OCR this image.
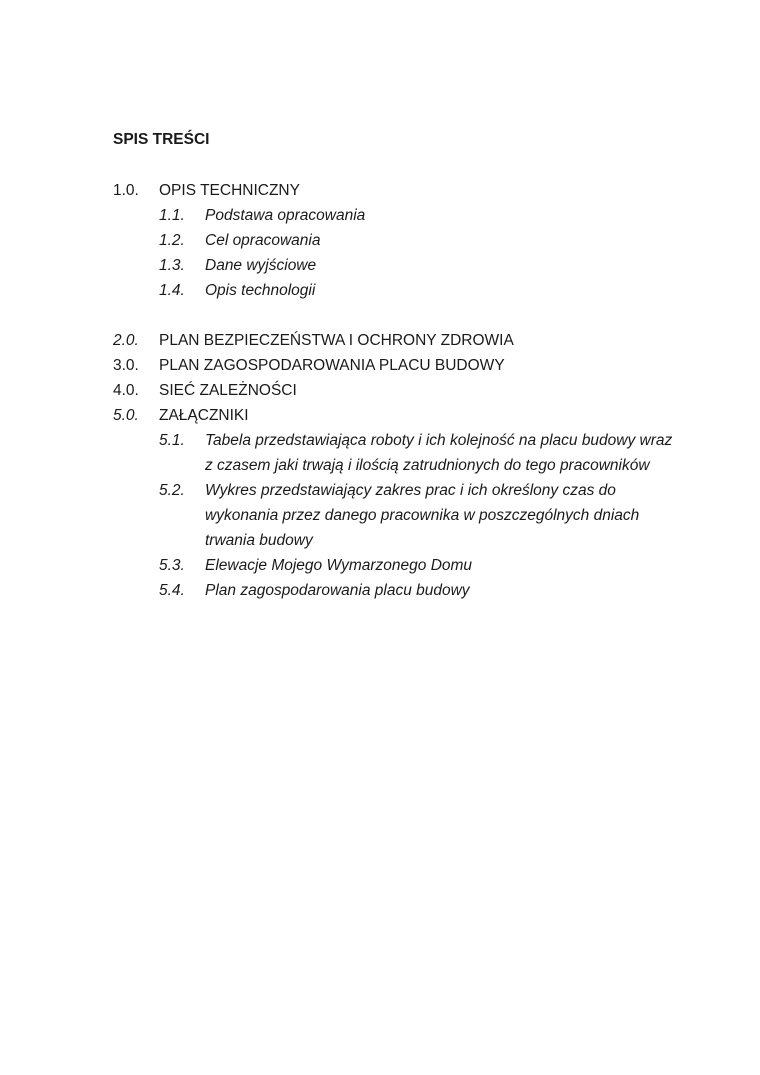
SPIS TREŚCI
1.0.	OPIS TECHNICZNY
1.1.	Podstawa opracowania
1.2.	Cel opracowania
1.3.	Dane wyjściowe
1.4.	Opis technologii
2.0.	PLAN BEZPIECZEŃSTWA I OCHRONY ZDROWIA
3.0.	PLAN ZAGOSPODAROWANIA PLACU BUDOWY
4.0.	SIEĆ ZALEŻNOŚCI
5.0.	ZAŁĄCZNIKI
5.1.	Tabela przedstawiająca roboty i ich kolejność na placu budowy wraz z czasem jaki trwają i ilością zatrudnionych do tego pracowników
5.2.	Wykres przedstawiający zakres prac i ich określony czas do wykonania przez danego pracownika w poszczególnych dniach trwania budowy
5.3.	Elewacje Mojego Wymarzonego Domu
5.4.	Plan zagospodarowania placu budowy
